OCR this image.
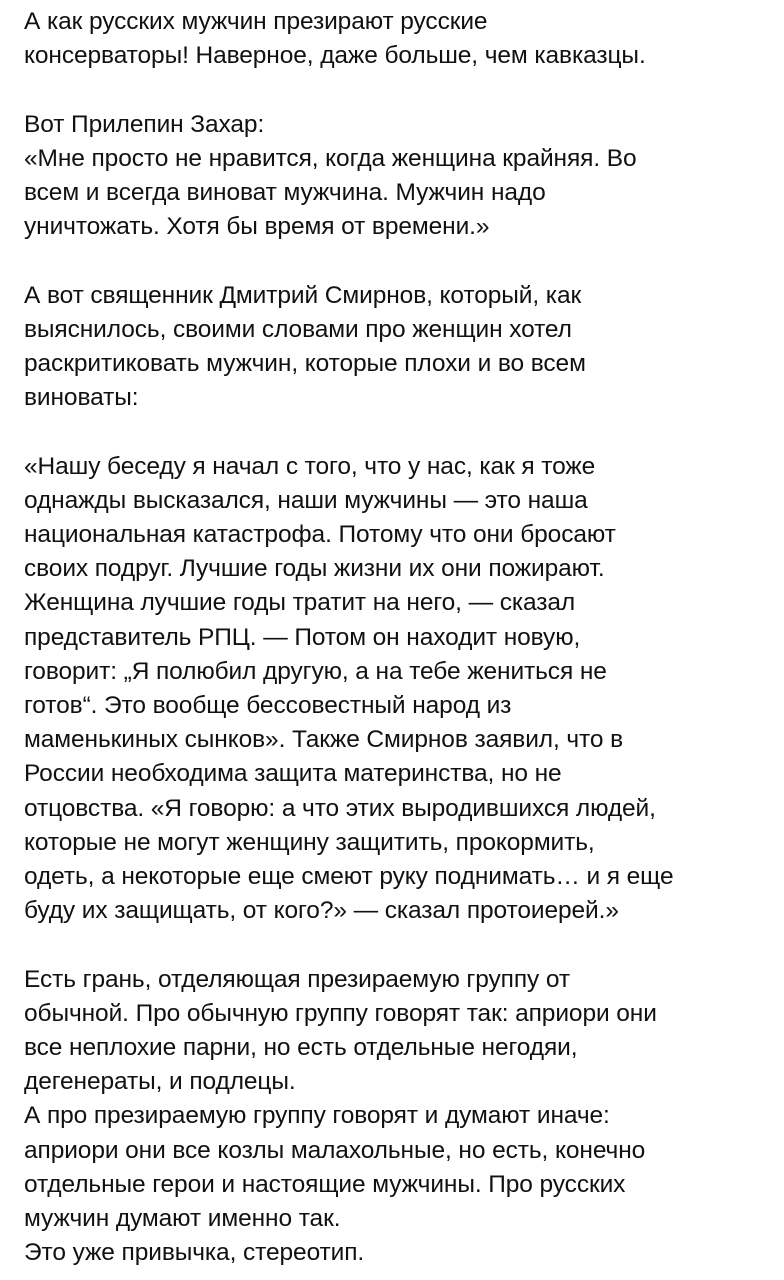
А как русских мужчин презирают русские
консерваторы! Наверное, даже больше, чем кавказцы.

Вот Прилепин Захар:
«Мне просто не нравится, когда женщина крайняя. Во
всем и всегда виноват мужчина. Мужчин надо
уничтожать. Хотя бы время от времени.»

А вот священник Дмитрий Смирнов, который, как
выяснилось, своими словами про женщин хотел
раскритиковать мужчин, которые плохи и во всем
виноваты:

«Нашу беседу я начал с того, что у нас, как я тоже
однажды высказался, наши мужчины — это наша
национальная катастрофа. Потому что они бросают
своих подруг. Лучшие годы жизни их они пожирают.
Женщина лучшие годы тратит на него, — сказал
представитель РПЦ. — Потом он находит новую,
говорит: „Я полюбил другую, а на тебе жениться не
готов“. Это вообще бессовестный народ из
маменькиных сынков». Также Смирнов заявил, что в
России необходима защита материнства, но не
отцовства. «Я говорю: а что этих выродившихся людей,
которые не могут женщину защитить, прокормить,
одеть, а некоторые еще смеют руку поднимать… и я еще
буду их защищать, от кого?» — сказал протоиерей.»

Есть грань, отделяющая презираемую группу от
обычной. Про обычную группу говорят так: априори они
все неплохие парни, но есть отдельные негодяи,
дегенераты, и подлецы.
А про презираемую группу говорят и думают иначе:
априори они все козлы малахольные, но есть, конечно
отдельные герои и настоящие мужчины. Про русских
мужчин думают именно так.
Это уже привычка, стереотип.
